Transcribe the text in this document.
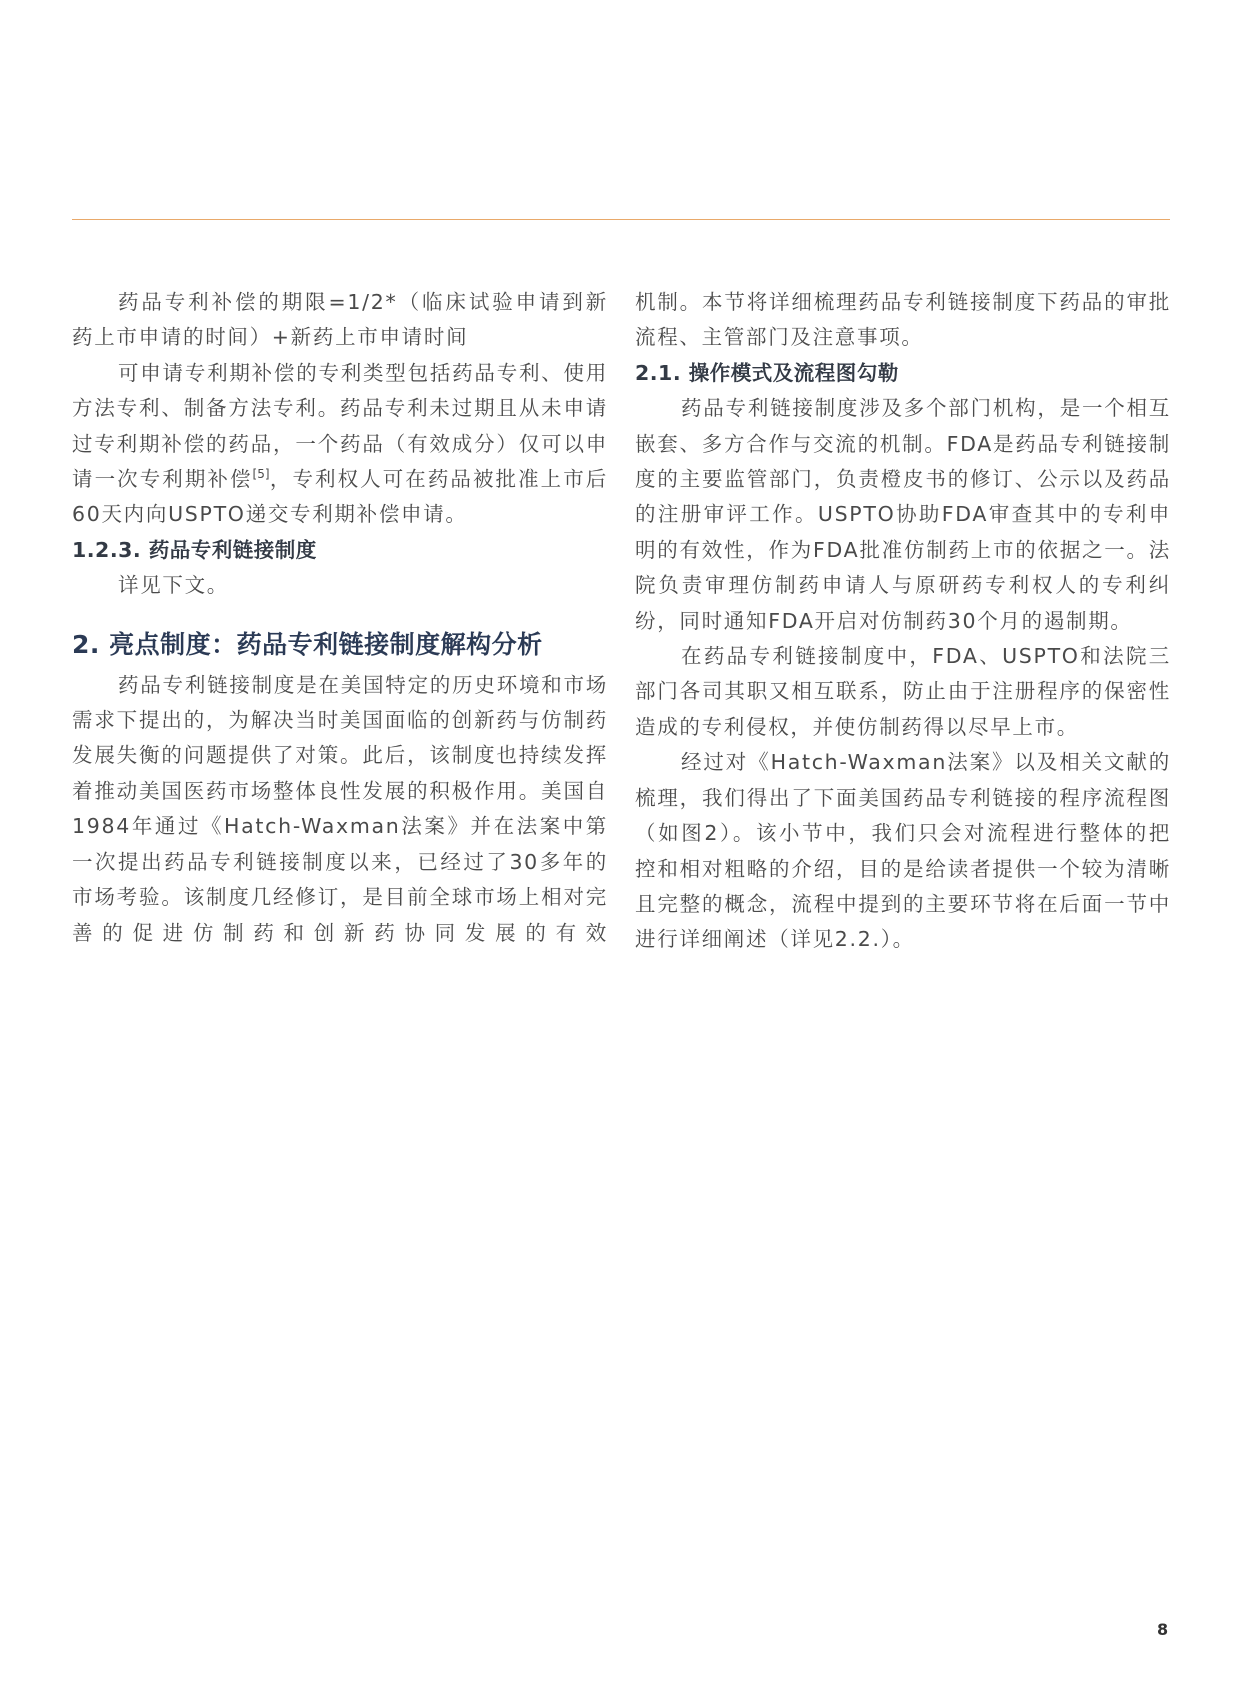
药品专利补偿的期限=1/2*（临床试验申请到新药上市申请的时间）+新药上市申请时间

可申请专利期补偿的专利类型包括药品专利、使用方法专利、制备方法专利。药品专利未过期且从未申请过专利期补偿的药品，一个药品（有效成分）仅可以申请一次专利期补偿[5]，专利权人可在药品被批准上市后60天内向USPTO递交专利期补偿申请。

1.2.3. 药品专利链接制度

详见下文。

2. 亮点制度：药品专利链接制度解构分析

药品专利链接制度是在美国特定的历史环境和市场需求下提出的，为解决当时美国面临的创新药与仿制药发展失衡的问题提供了对策。此后，该制度也持续发挥着推动美国医药市场整体良性发展的积极作用。美国自1984年通过《Hatch-Waxman法案》并在法案中第一次提出药品专利链接制度以来，已经过了30多年的市场考验。该制度几经修订，是目前全球市场上相对完善的促进仿制药和创新药协同发展的有效

机制。本节将详细梳理药品专利链接制度下药品的审批流程、主管部门及注意事项。

2.1. 操作模式及流程图勾勒

药品专利链接制度涉及多个部门机构，是一个相互嵌套、多方合作与交流的机制。FDA是药品专利链接制度的主要监管部门，负责橙皮书的修订、公示以及药品的注册审评工作。USPTO协助FDA审查其中的专利申明的有效性，作为FDA批准仿制药上市的依据之一。法院负责审理仿制药申请人与原研药专利权人的专利纠纷，同时通知FDA开启对仿制药30个月的遏制期。

在药品专利链接制度中，FDA、USPTO和法院三部门各司其职又相互联系，防止由于注册程序的保密性造成的专利侵权，并使仿制药得以尽早上市。

经过对《Hatch-Waxman法案》以及相关文献的梳理，我们得出了下面美国药品专利链接的程序流程图（如图2）。该小节中，我们只会对流程进行整体的把控和相对粗略的介绍，目的是给读者提供一个较为清晰且完整的概念，流程中提到的主要环节将在后面一节中进行详细阐述（详见2.2.）。

8
